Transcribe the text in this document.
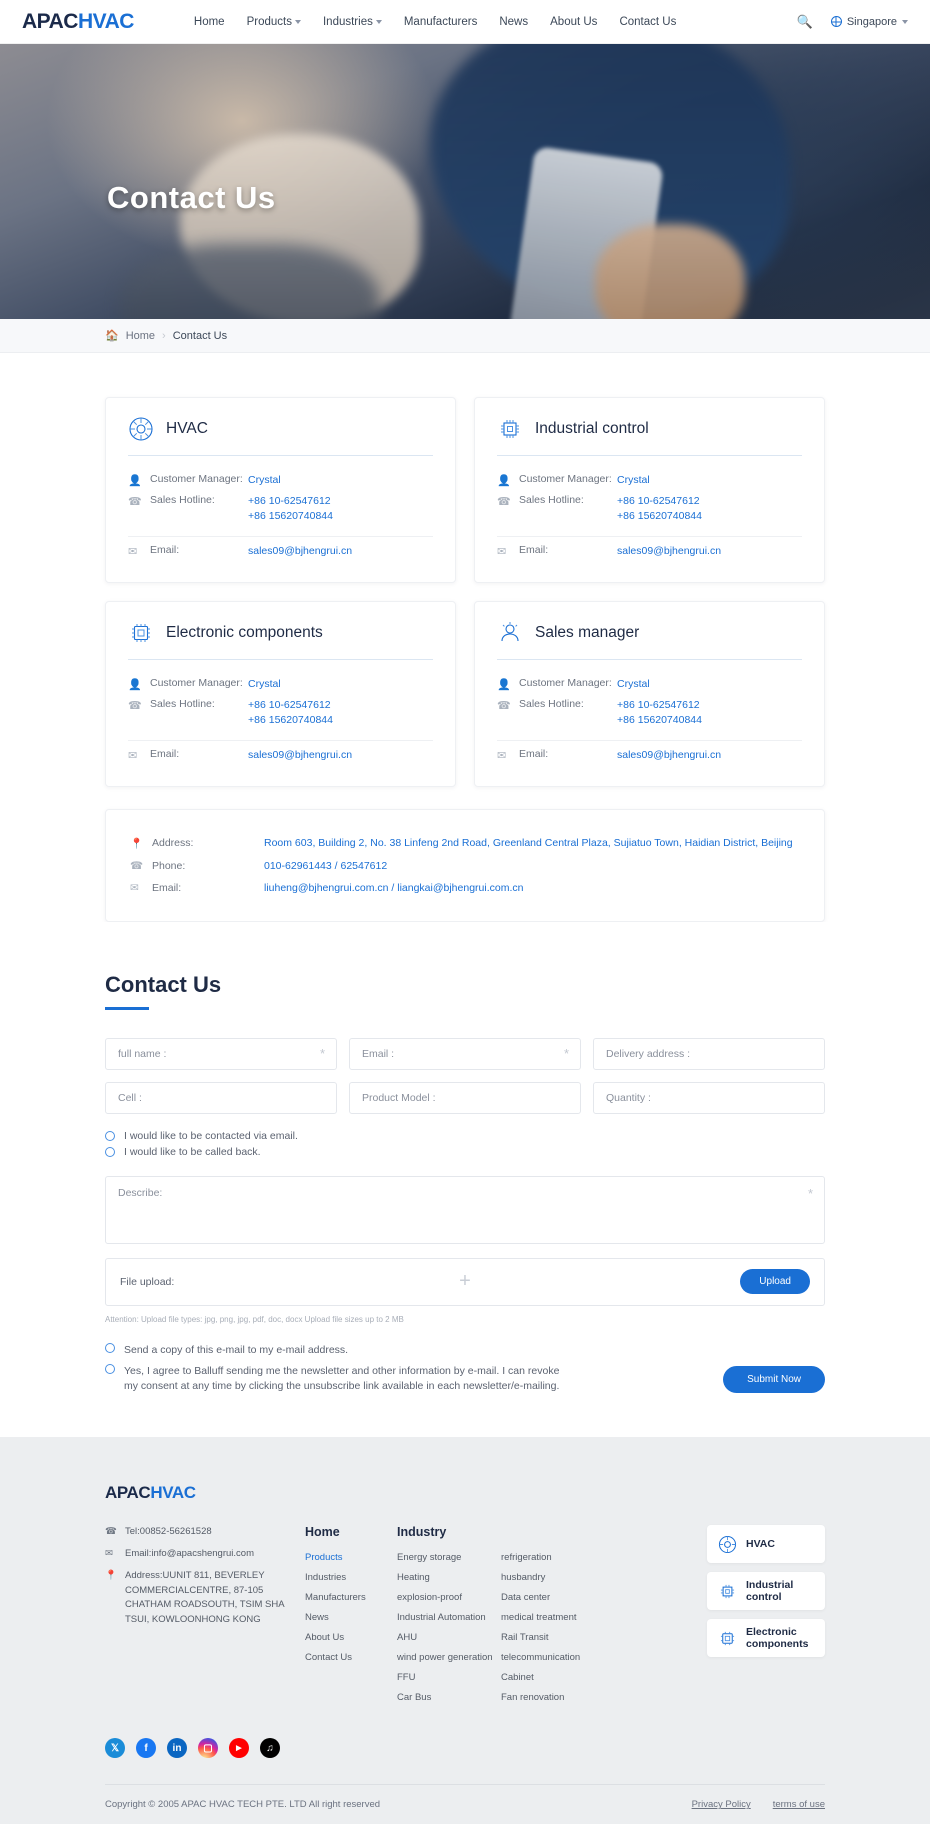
APAC HVAC	Home Products	Industries	Manufacturers News About Us Contact Us	🔍	Singapore
Contact Us
🏠 Home › Contact Us
HVAC
👤 Customer Manager: Crystal
☎ Sales Hotline:	+86 10-62547612
+86 15620740844
✉	Email:	sales09@bjhengrui.cn
Industrial control
👤 Customer Manager: Crystal
☎ Sales Hotline:	+86 10-62547612
+86 15620740844
✉	Email:	sales09@bjhengrui.cn
Electronic components
👤 Customer Manager: Crystal
☎ Sales Hotline:	+86 10-62547612
+86 15620740844
✉	Email:	sales09@bjhengrui.cn
Sales manager
👤 Customer Manager: Crystal
☎ Sales Hotline:	+86 10-62547612
+86 15620740844
✉	Email:	sales09@bjhengrui.cn
📍 Address:	Room 603, Building 2, No. 38 Linfeng 2nd Road, Greenland Central Plaza, Sujiatuo Town, Haidian District, Beijing
☎ Phone:	010-62961443 / 62547612
✉	Email:	liuheng@bjhengrui.com.cn / liangkai@bjhengrui.com.cn
Contact Us
full name :	*	Email :	*	Delivery address :
Cell :	Product Model :	Quantity :
I would like to be contacted via email.
I would like to be called back.
Describe:	*
File upload:	+	Upload
Attention: Upload file types: jpg, png, jpg, pdf, doc, docx Upload file sizes up to 2 MB
Send a copy of this e-mail to my e-mail address.
Yes, I agree to Balluff sending me the newsletter and other information by e-mail. I can revoke my consent at any time by clicking the unsubscribe link available in each newsletter/e-mailing.
Submit Now
APACHVAC
☎ Tel:00852-56261528
✉	Email:info@apacshengrui.com
📍 Address:UUNIT 811, BEVERLEY COMMERCIALCENTRE, 87-105 CHATHAM ROADSOUTH, TSIM SHA TSUI, KOWLOONHONG KONG
Home
Products
Industries
Manufacturers
News
About Us
Contact Us
Industry
Energy storage
Heating
explosion-proof
Industrial Automation
AHU
wind power generation
FFU
Car Bus

refrigeration
husbandry
Data center
medical treatment
Rail Transit
telecommunication
Cabinet
Fan renovation
HVAC
Industrial control
Electronic components
𝕏	f	in	▢	►	♫
Copyright © 2005 APAC HVAC TECH PTE. LTD All right reserved	Privacy Policy terms of use
